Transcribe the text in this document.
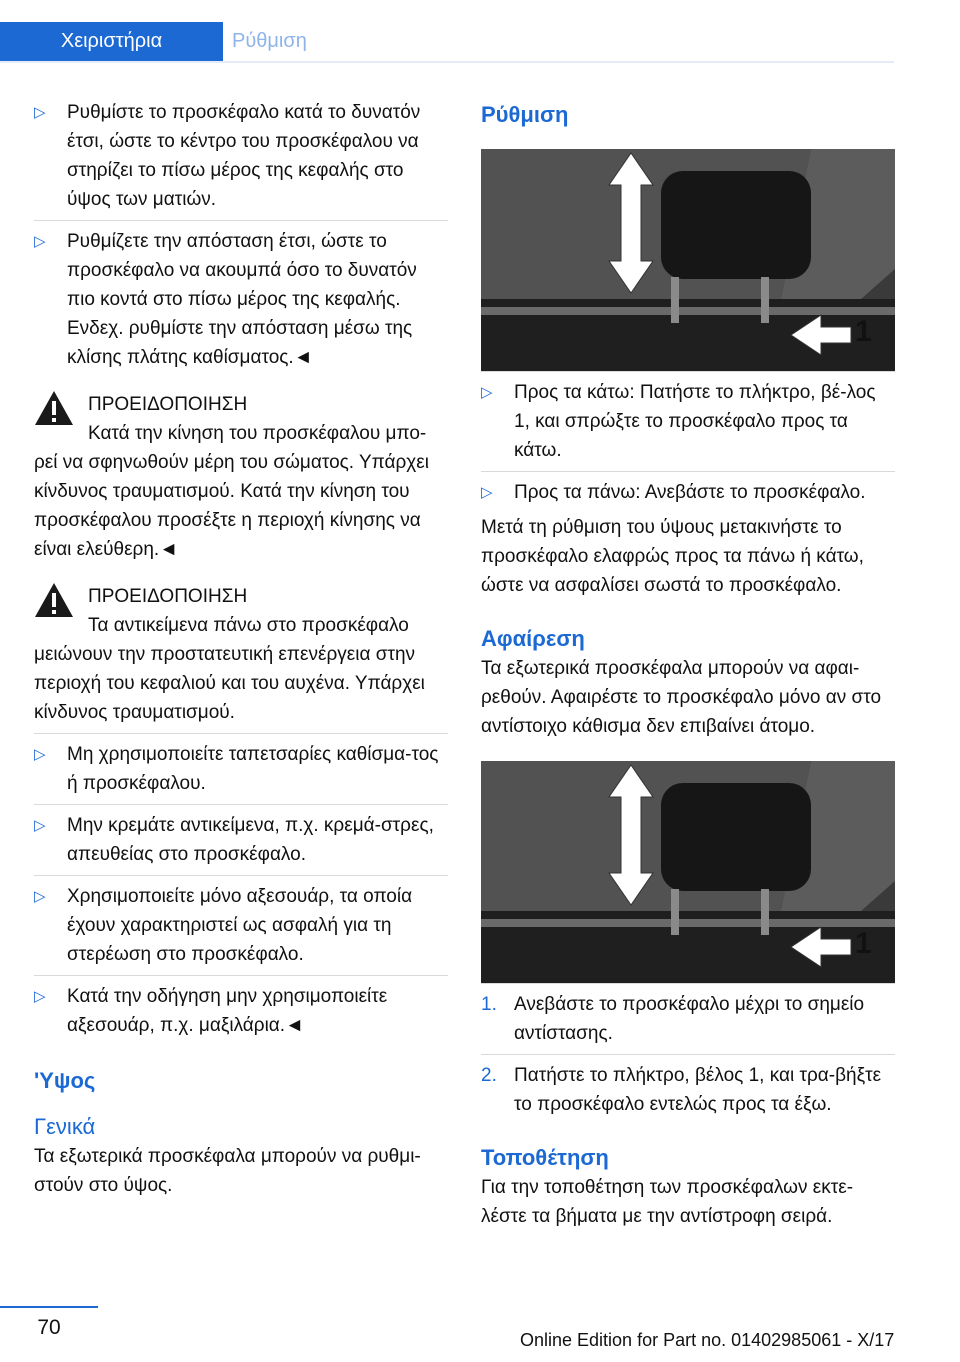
Χειριστήρια	Ρύθμιση
▷ Ρυθμίστε το προσκέφαλο κατά το δυνατόν έτσι, ώστε το κέντρο του προσκέφαλου να στηρίζει το πίσω μέρος της κεφαλής στο ύψος των ματιών.
▷ Ρυθμίζετε την απόσταση έτσι, ώστε το προσκέφαλο να ακουμπά όσο το δυνατόν πιο κοντά στο πίσω μέρος της κεφαλής. Ενδεχ. ρυθμίστε την απόσταση μέσω της κλίσης πλάτης καθίσματος.◄
ΠΡΟΕΙΔΟΠΟΙΗΣΗ
Κατά την κίνηση του προσκέφαλου μπο-
ρεί να σφηνωθούν μέρη του σώματος. Υπάρχει κίνδυνος τραυματισμού. Κατά την κίνηση του προσκέφαλου προσέξτε η περιοχή κίνησης να είναι ελεύθερη.◄
ΠΡΟΕΙΔΟΠΟΙΗΣΗ
Τα αντικείμενα πάνω στο προσκέφαλο
μειώνουν την προστατευτική επενέργεια στην περιοχή του κεφαλιού και του αυχένα. Υπάρχει κίνδυνος τραυματισμού.
▷ Μη χρησιμοποιείτε ταπετσαρίες καθίσμα-τος ή προσκέφαλου.
▷ Μην κρεμάτε αντικείμενα, π.χ. κρεμά-στρες, απευθείας στο προσκέφαλο.
▷ Χρησιμοποιείτε μόνο αξεσουάρ, τα οποία έχουν χαρακτηριστεί ως ασφαλή για τη στερέωση στο προσκέφαλο.
▷ Κατά την οδήγηση μην χρησιμοποιείτε αξεσουάρ, π.χ. μαξιλάρια.◄
'Υψος
Γενικά
Τα εξωτερικά προσκέφαλα μπορούν να ρυθμι-στούν στο ύψος.
Ρύθμιση
1
▷ Προς τα κάτω: Πατήστε το πλήκτρο, βέ-λος 1, και σπρώξτε το προσκέφαλο προς τα κάτω.
▷ Προς τα πάνω: Ανεβάστε το προσκέφαλο.
Μετά τη ρύθμιση του ύψους μετακινήστε το προσκέφαλο ελαφρώς προς τα πάνω ή κάτω, ώστε να ασφαλίσει σωστά το προσκέφαλο.
Αφαίρεση
Τα εξωτερικά προσκέφαλα μπορούν να αφαι-ρεθούν. Αφαιρέστε το προσκέφαλο μόνο αν στο αντίστοιχο κάθισμα δεν επιβαίνει άτομο.
1
1. Ανεβάστε το προσκέφαλο μέχρι το σημείο αντίστασης.
2. Πατήστε το πλήκτρο, βέλος 1, και τρα-βήξτε το προσκέφαλο εντελώς προς τα έξω.
Τοποθέτηση
Για την τοποθέτηση των προσκέφαλων εκτε-λέστε τα βήματα με την αντίστροφη σειρά.
70
Online Edition for Part no. 01402985061 - X/17
